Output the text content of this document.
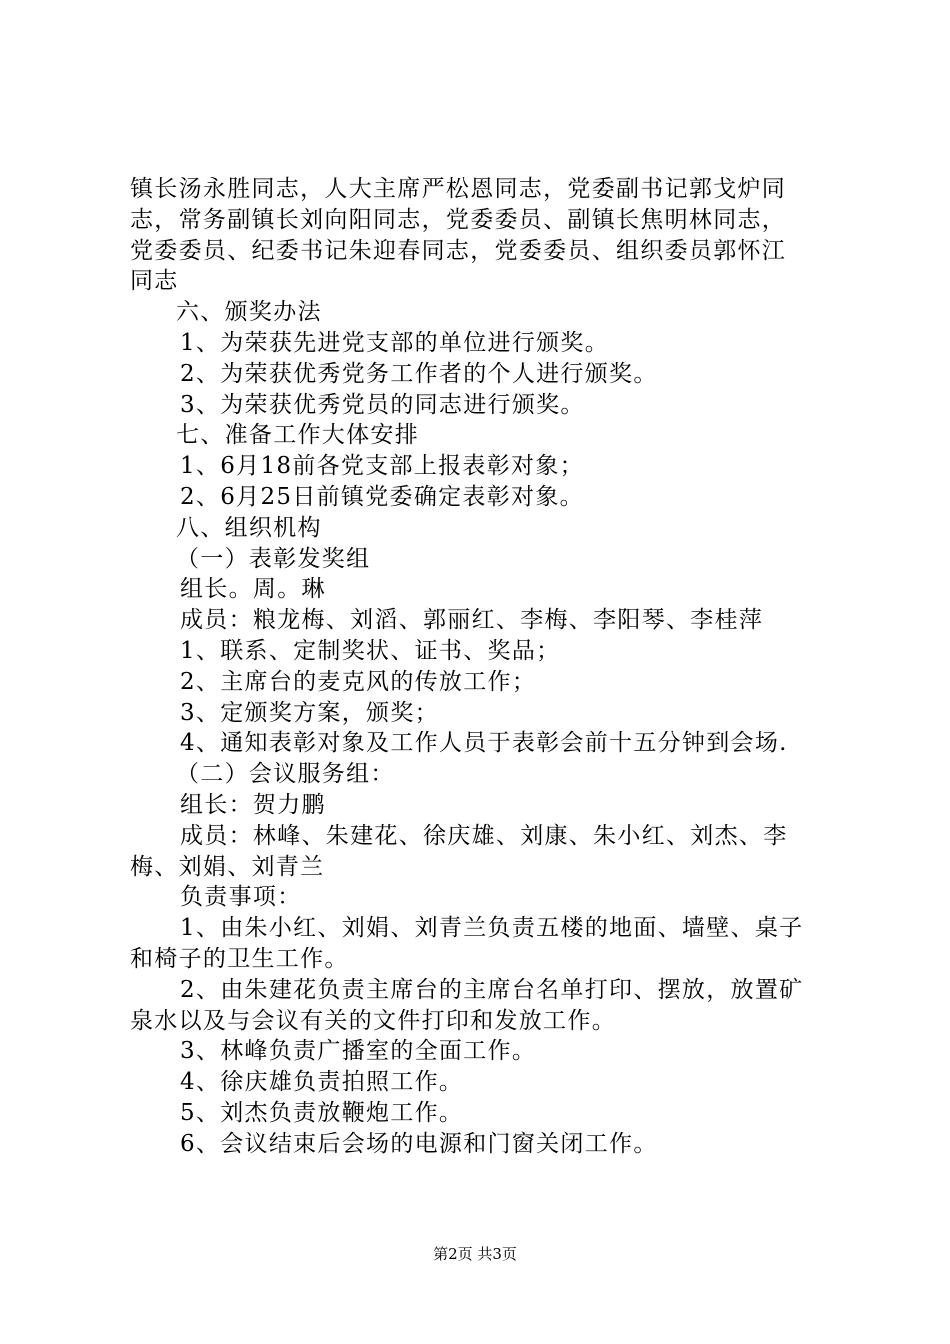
镇长汤永胜同志，人大主席严松恩同志，党委副书记郭戈炉同
志，常务副镇长刘向阳同志，党委委员、副镇长焦明林同志，
党委委员、纪委书记朱迎春同志，党委委员、组织委员郭怀江
同志
六、颁奖办法
1、为荣获先进党支部的单位进行颁奖。
2、为荣获优秀党务工作者的个人进行颁奖。
3、为荣获优秀党员的同志进行颁奖。
七、准备工作大体安排
1、6月18前各党支部上报表彰对象；
2、6月25日前镇党委确定表彰对象。
八、组织机构
（一）表彰发奖组
组长。周。琳
成员：粮龙梅、刘滔、郭丽红、李梅、李阳琴、李桂萍
1、联系、定制奖状、证书、奖品；
2、主席台的麦克风的传放工作；
3、定颁奖方案，颁奖；
4、通知表彰对象及工作人员于表彰会前十五分钟到会场.
（二）会议服务组：
组长：贺力鹏
成员：林峰、朱建花、徐庆雄、刘康、朱小红、刘杰、李
梅、刘娟、刘青兰
负责事项：
1、由朱小红、刘娟、刘青兰负责五楼的地面、墙壁、桌子
和椅子的卫生工作。
2、由朱建花负责主席台的主席台名单打印、摆放，放置矿
泉水以及与会议有关的文件打印和发放工作。
3、林峰负责广播室的全面工作。
4、徐庆雄负责拍照工作。
5、刘杰负责放鞭炮工作。
6、会议结束后会场的电源和门窗关闭工作。
第2页 共3页
